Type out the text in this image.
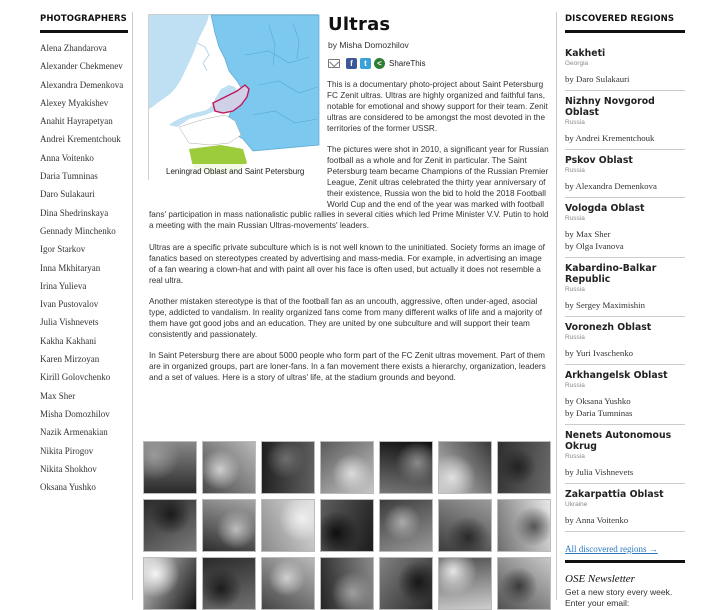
PHOTOGRAPHERS
Alena Zhandarova
Alexander Chekmenev
Alexandra Demenkova
Alexey Myakishev
Anahit Hayrapetyan
Andrei Krementchouk
Anna Voitenko
Daria Tumninas
Daro Sulakauri
Dina Shedrinskaya
Gennady Minchenko
Igor Starkov
Inna Mkhitaryan
Irina Yulieva
Ivan Pustovalov
Julia Vishnevets
Kakha Kakhani
Karen Mirzoyan
Kirill Golovchenko
Max Sher
Misha Domozhilov
Nazik Armenakian
Nikita Pirogov
Nikita Shokhov
Oksana Yushko
Leningrad Oblast and Saint Petersburg
Ultras
by Misha Domozhilov
f	t	< ShareThis

This is a documentary photo-project about Saint Petersburg FC Zenit ultras. Ultras are highly organized and faithful fans, notable for emotional and showy support for their team. Zenit ultras are considered to be amongst the most devoted in the territories of the former USSR.

The pictures were shot in 2010, a significant year for Russian football as a whole and for Zenit in particular. The Saint Petersburg team became Champions of the Russian Premier League, Zenit ultras celebrated the thirty year anniversary of their existence, Russia won the bid to hold the 2018 Football World Cup and the end of the year was marked with football fans' participation in mass nationalistic public rallies in several cities which led Prime Minister V.V. Putin to hold a meeting with the main Russian Ultras-movements' leaders.

Ultras are a specific private subculture which is is not well known to the uninitiated. Society forms an image of fanatics based on stereotypes created by advertising and mass-media. For example, in advertising an image of a fan wearing a clown-hat and with paint all over his face is often used, but actually it does not resemble a real ultra.

Another mistaken stereotype is that of the football fan as an uncouth, aggressive, often under-aged, asocial type, addicted to vandalism. In reality organized fans come from many different walks of life and a majority of them have got good jobs and an education. They are united by one subculture and will support their team consistently and passionately.

In Saint Petersburg there are about 5000 people who form part of the FC Zenit ultras movement. Part of them are in organized groups, part are loner-fans. In a fan movement there exists a hierarchy, organization, leaders and a set of values. Here is a story of ultras' life, at the stadium grounds and beyond.

DISCOVERED REGIONS
Kakheti
Georgia
by Daro Sulakauri
Nizhny Novgorod Oblast
Russia
by Andrei Krementchouk
Pskov Oblast
Russia
by Alexandra Demenkova
Vologda Oblast
Russia
by Max Sher
by Olga Ivanova
Kabardino-Balkar Republic
Russia
by Sergey Maximishin
Voronezh Oblast
Russia
by Yuri Ivaschenko
Arkhangelsk Oblast
Russia
by Oksana Yushko
by Daria Tumninas
Nenets Autonomous Okrug
Russia
by Julia Vishnevets
Zakarpattia Oblast
Ukraine
by Anna Voitenko
All discovered regions →
OSE Newsletter
Get a new story every week. Enter your email:
